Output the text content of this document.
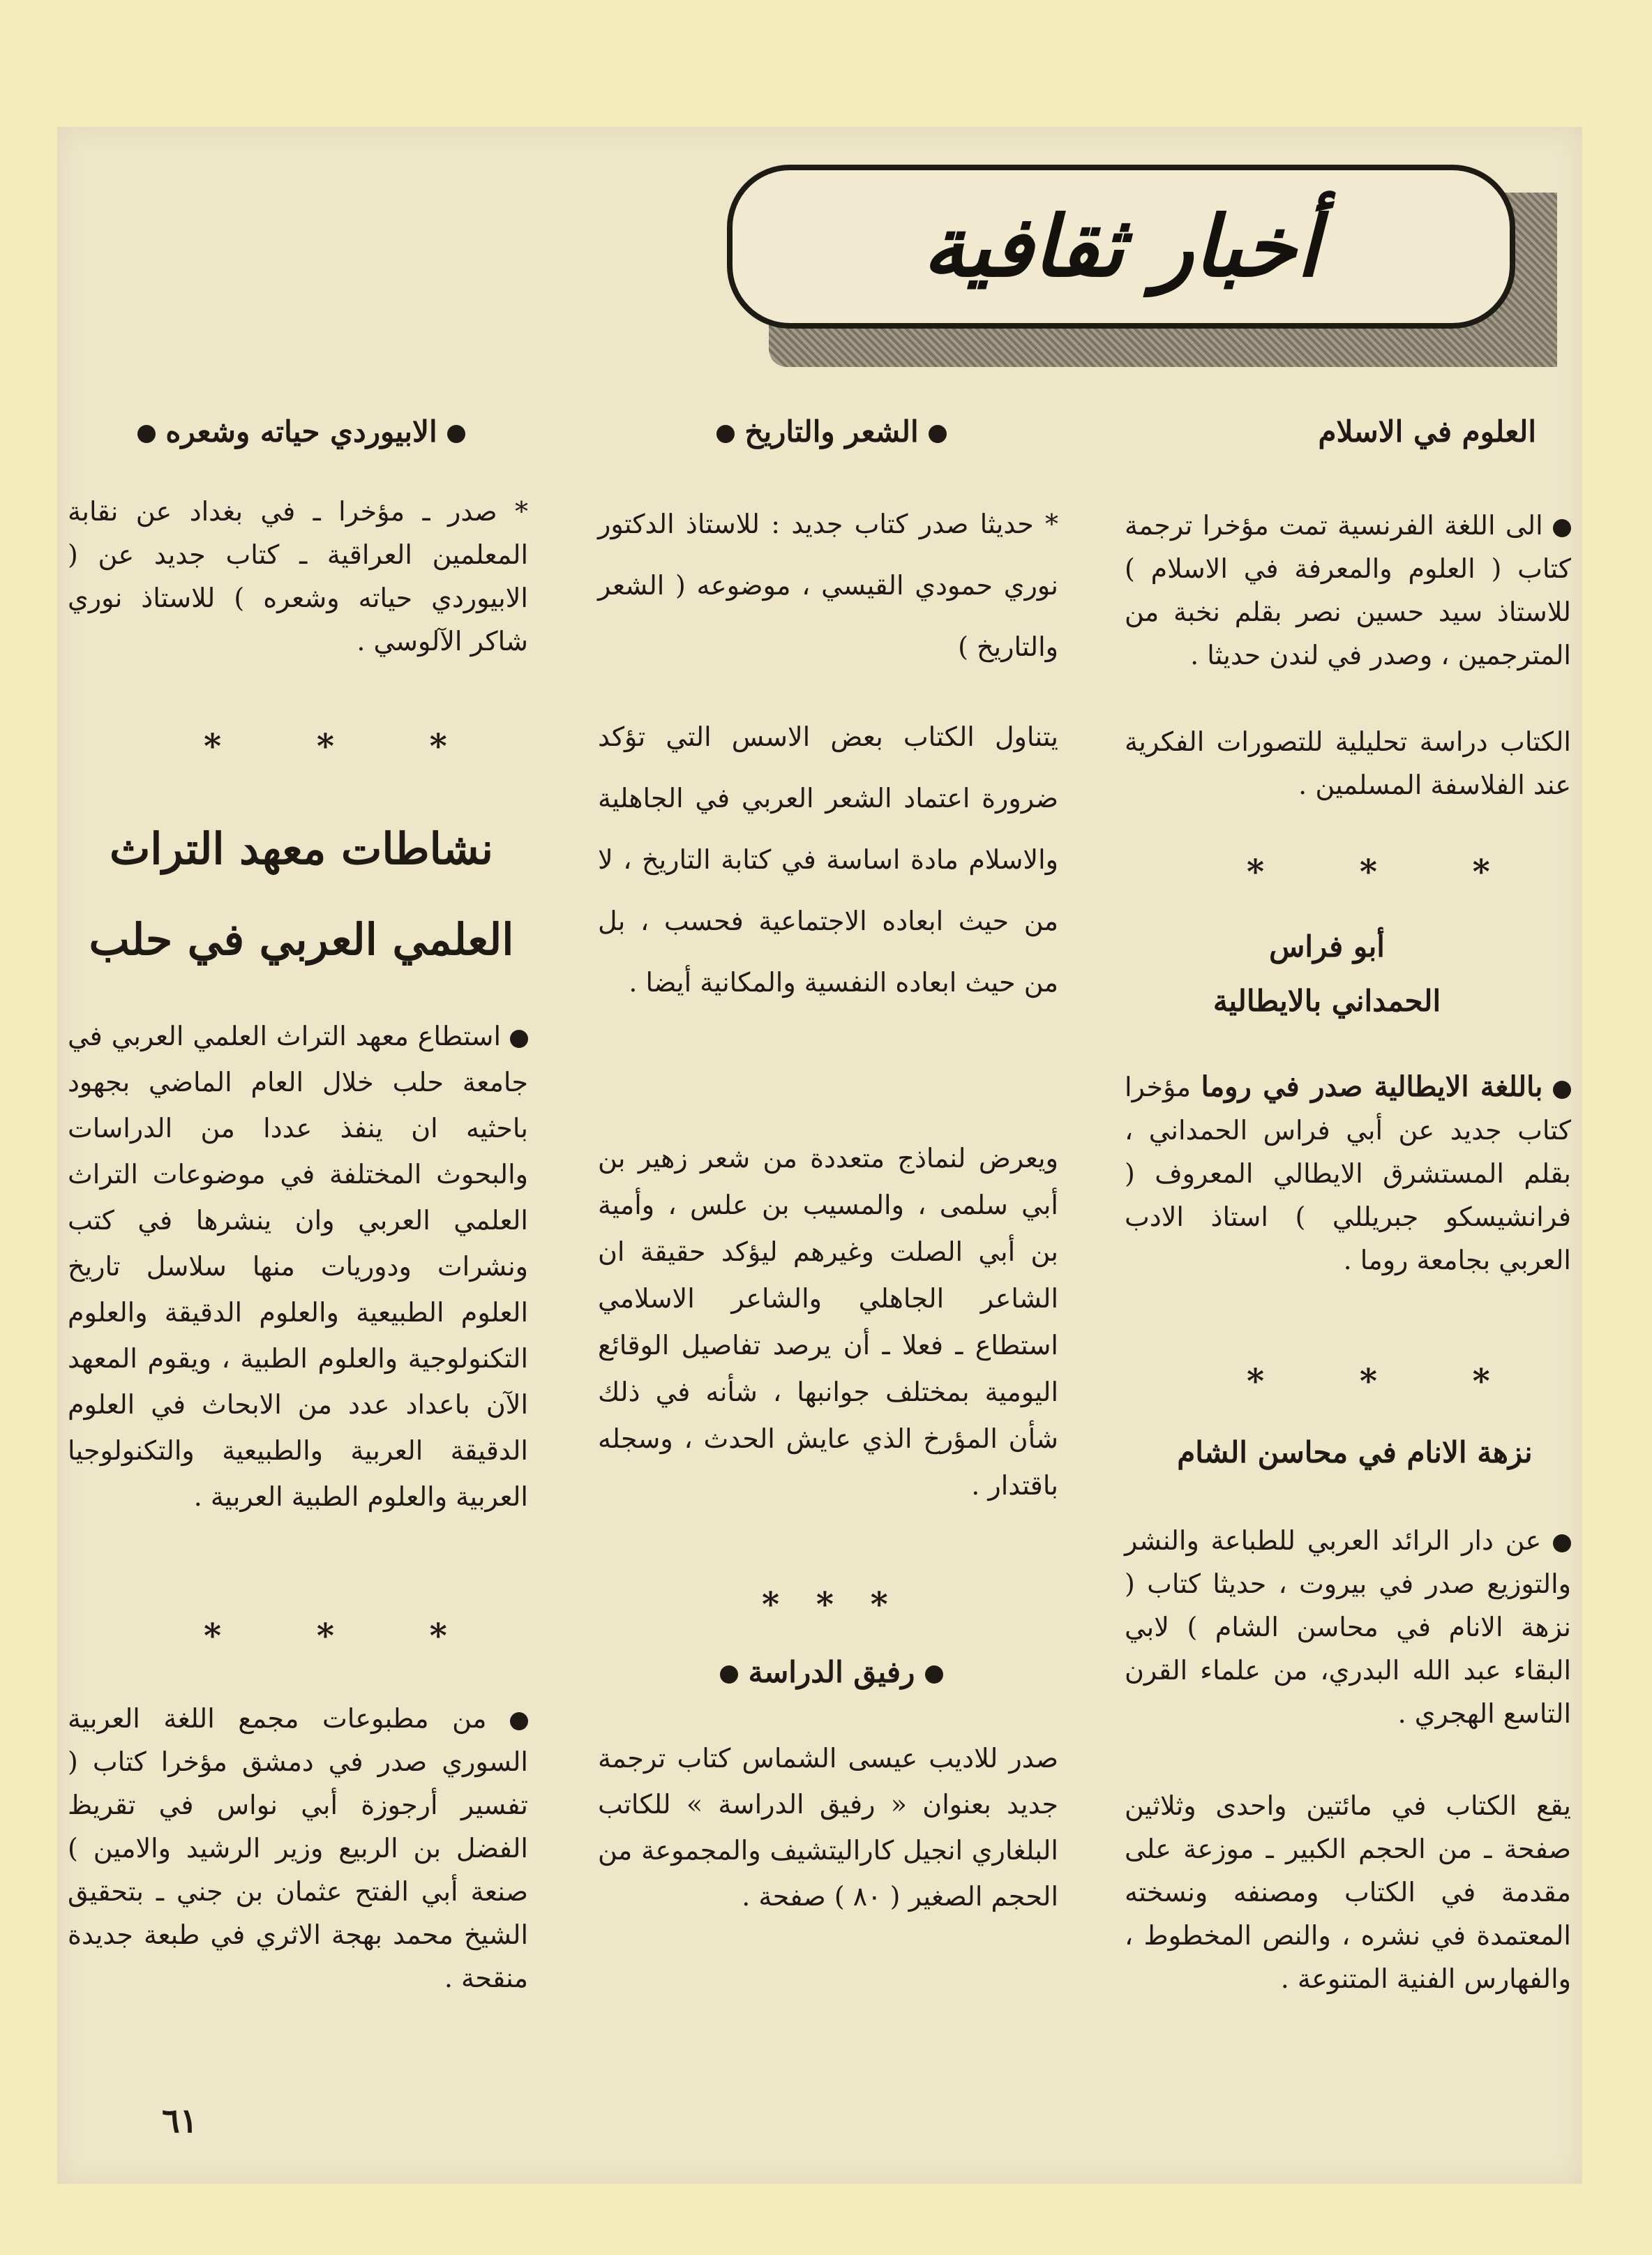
أخبار ثقافية
العلوم في الاسلام
الى اللغة الفرنسية تمت مؤخرا ترجمة كتاب ( العلوم والمعرفة في الاسلام ) للاستاذ سيد حسين نصر بقلم نخبة من المترجمين ، وصدر في لندن حديثا .
الكتاب دراسة تحليلية للتصورات الفكرية عند الفلاسفة المسلمين .
* * *
أبو فراس
الحمداني بالايطالية
باللغة الايطالية صدر في روما مؤخرا كتاب جديد عن أبي فراس الحمداني ، بقلم المستشرق الايطالي المعروف ( فرانشيسكو جبريللي ) استاذ الادب العربي بجامعة روما .
* * *
نزهة الانام في محاسن الشام
عن دار الرائد العربي للطباعة والنشر والتوزيع صدر في بيروت ، حديثا كتاب ( نزهة الانام في محاسن الشام ) لابي البقاء عبد الله البدري، من علماء القرن التاسع الهجري .
يقع الكتاب في مائتين واحدى وثلاثين صفحة ـ من الحجم الكبير ـ موزعة على مقدمة في الكتاب ومصنفه ونسخته المعتمدة في نشره ، والنص المخطوط ، والفهارس الفنية المتنوعة .
الشعر والتاريخ
* حديثا صدر كتاب جديد : للاستاذ الدكتور نوري حمودي القيسي ، موضوعه ( الشعر والتاريخ )
يتناول الكتاب بعض الاسس التي تؤكد ضرورة اعتماد الشعر العربي في الجاهلية والاسلام مادة اساسة في كتابة التاريخ ، لا من حيث ابعاده الاجتماعية فحسب ، بل من حيث ابعاده النفسية والمكانية أيضا .
ويعرض لنماذج متعددة من شعر زهير بن أبي سلمى ، والمسيب بن علس ، وأمية بن أبي الصلت وغيرهم ليؤكد حقيقة ان الشاعر الجاهلي والشاعر الاسلامي استطاع ـ فعلا ـ أن يرصد تفاصيل الوقائع اليومية بمختلف جوانبها ، شأنه في ذلك شأن المؤرخ الذي عايش الحدث ، وسجله باقتدار .
* * *
رفيق الدراسة
صدر للاديب عيسى الشماس كتاب ترجمة جديد بعنوان « رفيق الدراسة » للكاتب البلغاري انجيل كاراليتشيف والمجموعة من الحجم الصغير ( ٨٠ ) صفحة .
الابيوردي حياته وشعره
* صدر ـ مؤخرا ـ في بغداد عن نقابة المعلمين العراقية ـ كتاب جديد عن ( الابيوردي حياته وشعره ) للاستاذ نوري شاكر الآلوسي .
* * *
نشاطات معهد التراث
العلمي العربي في حلب
استطاع معهد التراث العلمي العربي في جامعة حلب خلال العام الماضي بجهود باحثيه ان ينفذ عددا من الدراسات والبحوث المختلفة في موضوعات التراث العلمي العربي وان ينشرها في كتب ونشرات ودوريات منها سلاسل تاريخ العلوم الطبيعية والعلوم الدقيقة والعلوم التكنولوجية والعلوم الطبية ، ويقوم المعهد الآن باعداد عدد من الابحاث في العلوم الدقيقة العربية والطبيعية والتكنولوجيا العربية والعلوم الطبية العربية .
* * *
من مطبوعات مجمع اللغة العربية السوري صدر في دمشق مؤخرا كتاب ( تفسير أرجوزة أبي نواس في تقريظ الفضل بن الربيع وزير الرشيد والامين ) صنعة أبي الفتح عثمان بن جني ـ بتحقيق الشيخ محمد بهجة الاثري في طبعة جديدة منقحة .
٦١
